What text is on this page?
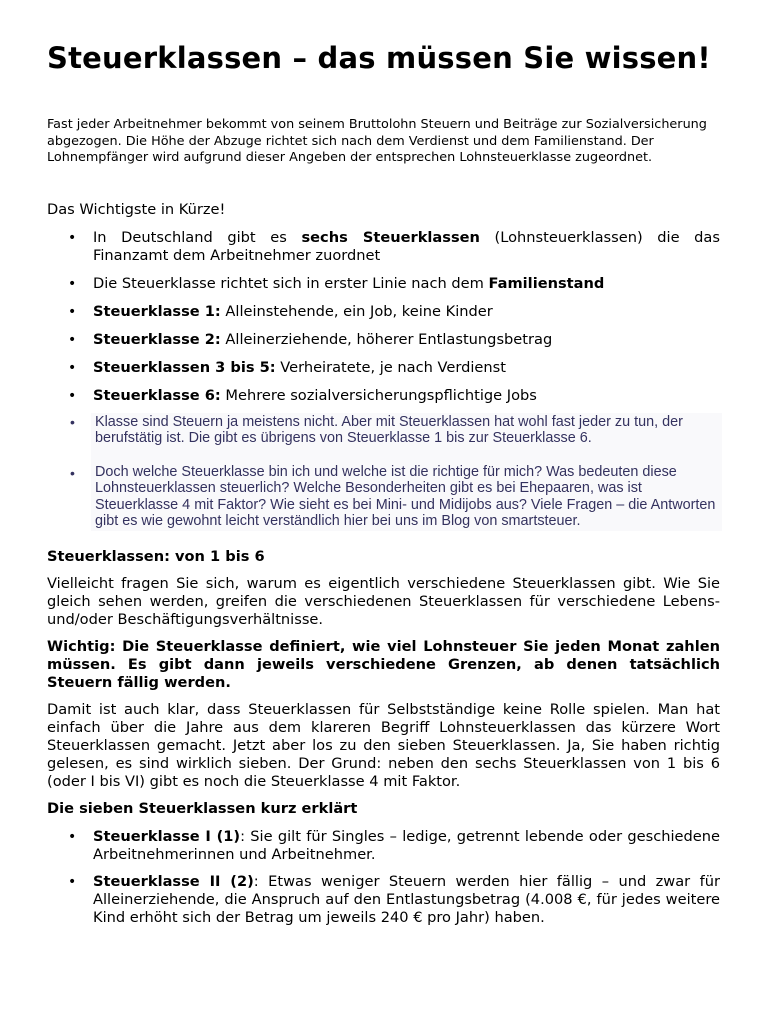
Steuerklassen – das müssen Sie wissen!

Fast jeder Arbeitnehmer bekommt von seinem Bruttolohn Steuern und Beiträge zur Sozialversicherung abgezogen. Die Höhe der Abzuge richtet sich nach dem Verdienst und dem Familienstand. Der Lohnempfänger wird aufgrund dieser Angeben der entsprechen Lohnsteuerklasse zugeordnet.

Das Wichtigste in Kürze!

• In Deutschland gibt es sechs Steuerklassen (Lohnsteuerklassen) die das Finanzamt dem Arbeitnehmer zuordnet
• Die Steuerklasse richtet sich in erster Linie nach dem Familienstand
• Steuerklasse 1: Alleinstehende, ein Job, keine Kinder
• Steuerklasse 2: Alleinerziehende, höherer Entlastungsbetrag
• Steuerklassen 3 bis 5: Verheiratete, je nach Verdienst
• Steuerklasse 6: Mehrere sozialversicherungspflichtige Jobs
• Klasse sind Steuern ja meistens nicht. Aber mit Steuerklassen hat wohl fast jeder zu tun, der berufstätig ist. Die gibt es übrigens von Steuerklasse 1 bis zur Steuerklasse 6.
• Doch welche Steuerklasse bin ich und welche ist die richtige für mich? Was bedeuten diese Lohnsteuerklassen steuerlich? Welche Besonderheiten gibt es bei Ehepaaren, was ist Steuerklasse 4 mit Faktor? Wie sieht es bei Mini- und Midijobs aus? Viele Fragen – die Antworten gibt es wie gewohnt leicht verständlich hier bei uns im Blog von smartsteuer.

Steuerklassen: von 1 bis 6

Vielleicht fragen Sie sich, warum es eigentlich verschiedene Steuerklassen gibt. Wie Sie gleich sehen werden, greifen die verschiedenen Steuerklassen für verschiedene Lebens- und/oder Beschäftigungsverhältnisse.

Wichtig: Die Steuerklasse definiert, wie viel Lohnsteuer Sie jeden Monat zahlen müssen. Es gibt dann jeweils verschiedene Grenzen, ab denen tatsächlich Steuern fällig werden.

Damit ist auch klar, dass Steuerklassen für Selbstständige keine Rolle spielen. Man hat einfach über die Jahre aus dem klareren Begriff Lohnsteuerklassen das kürzere Wort Steuerklassen gemacht. Jetzt aber los zu den sieben Steuerklassen. Ja, Sie haben richtig gelesen, es sind wirklich sieben. Der Grund: neben den sechs Steuerklassen von 1 bis 6 (oder I bis VI) gibt es noch die Steuerklasse 4 mit Faktor.

Die sieben Steuerklassen kurz erklärt

• Steuerklasse I (1): Sie gilt für Singles – ledige, getrennt lebende oder geschiedene Arbeitnehmerinnen und Arbeitnehmer.
• Steuerklasse II (2): Etwas weniger Steuern werden hier fällig – und zwar für Alleinerziehende, die Anspruch auf den Entlastungsbetrag (4.008 €, für jedes weitere Kind erhöht sich der Betrag um jeweils 240 € pro Jahr) haben.
